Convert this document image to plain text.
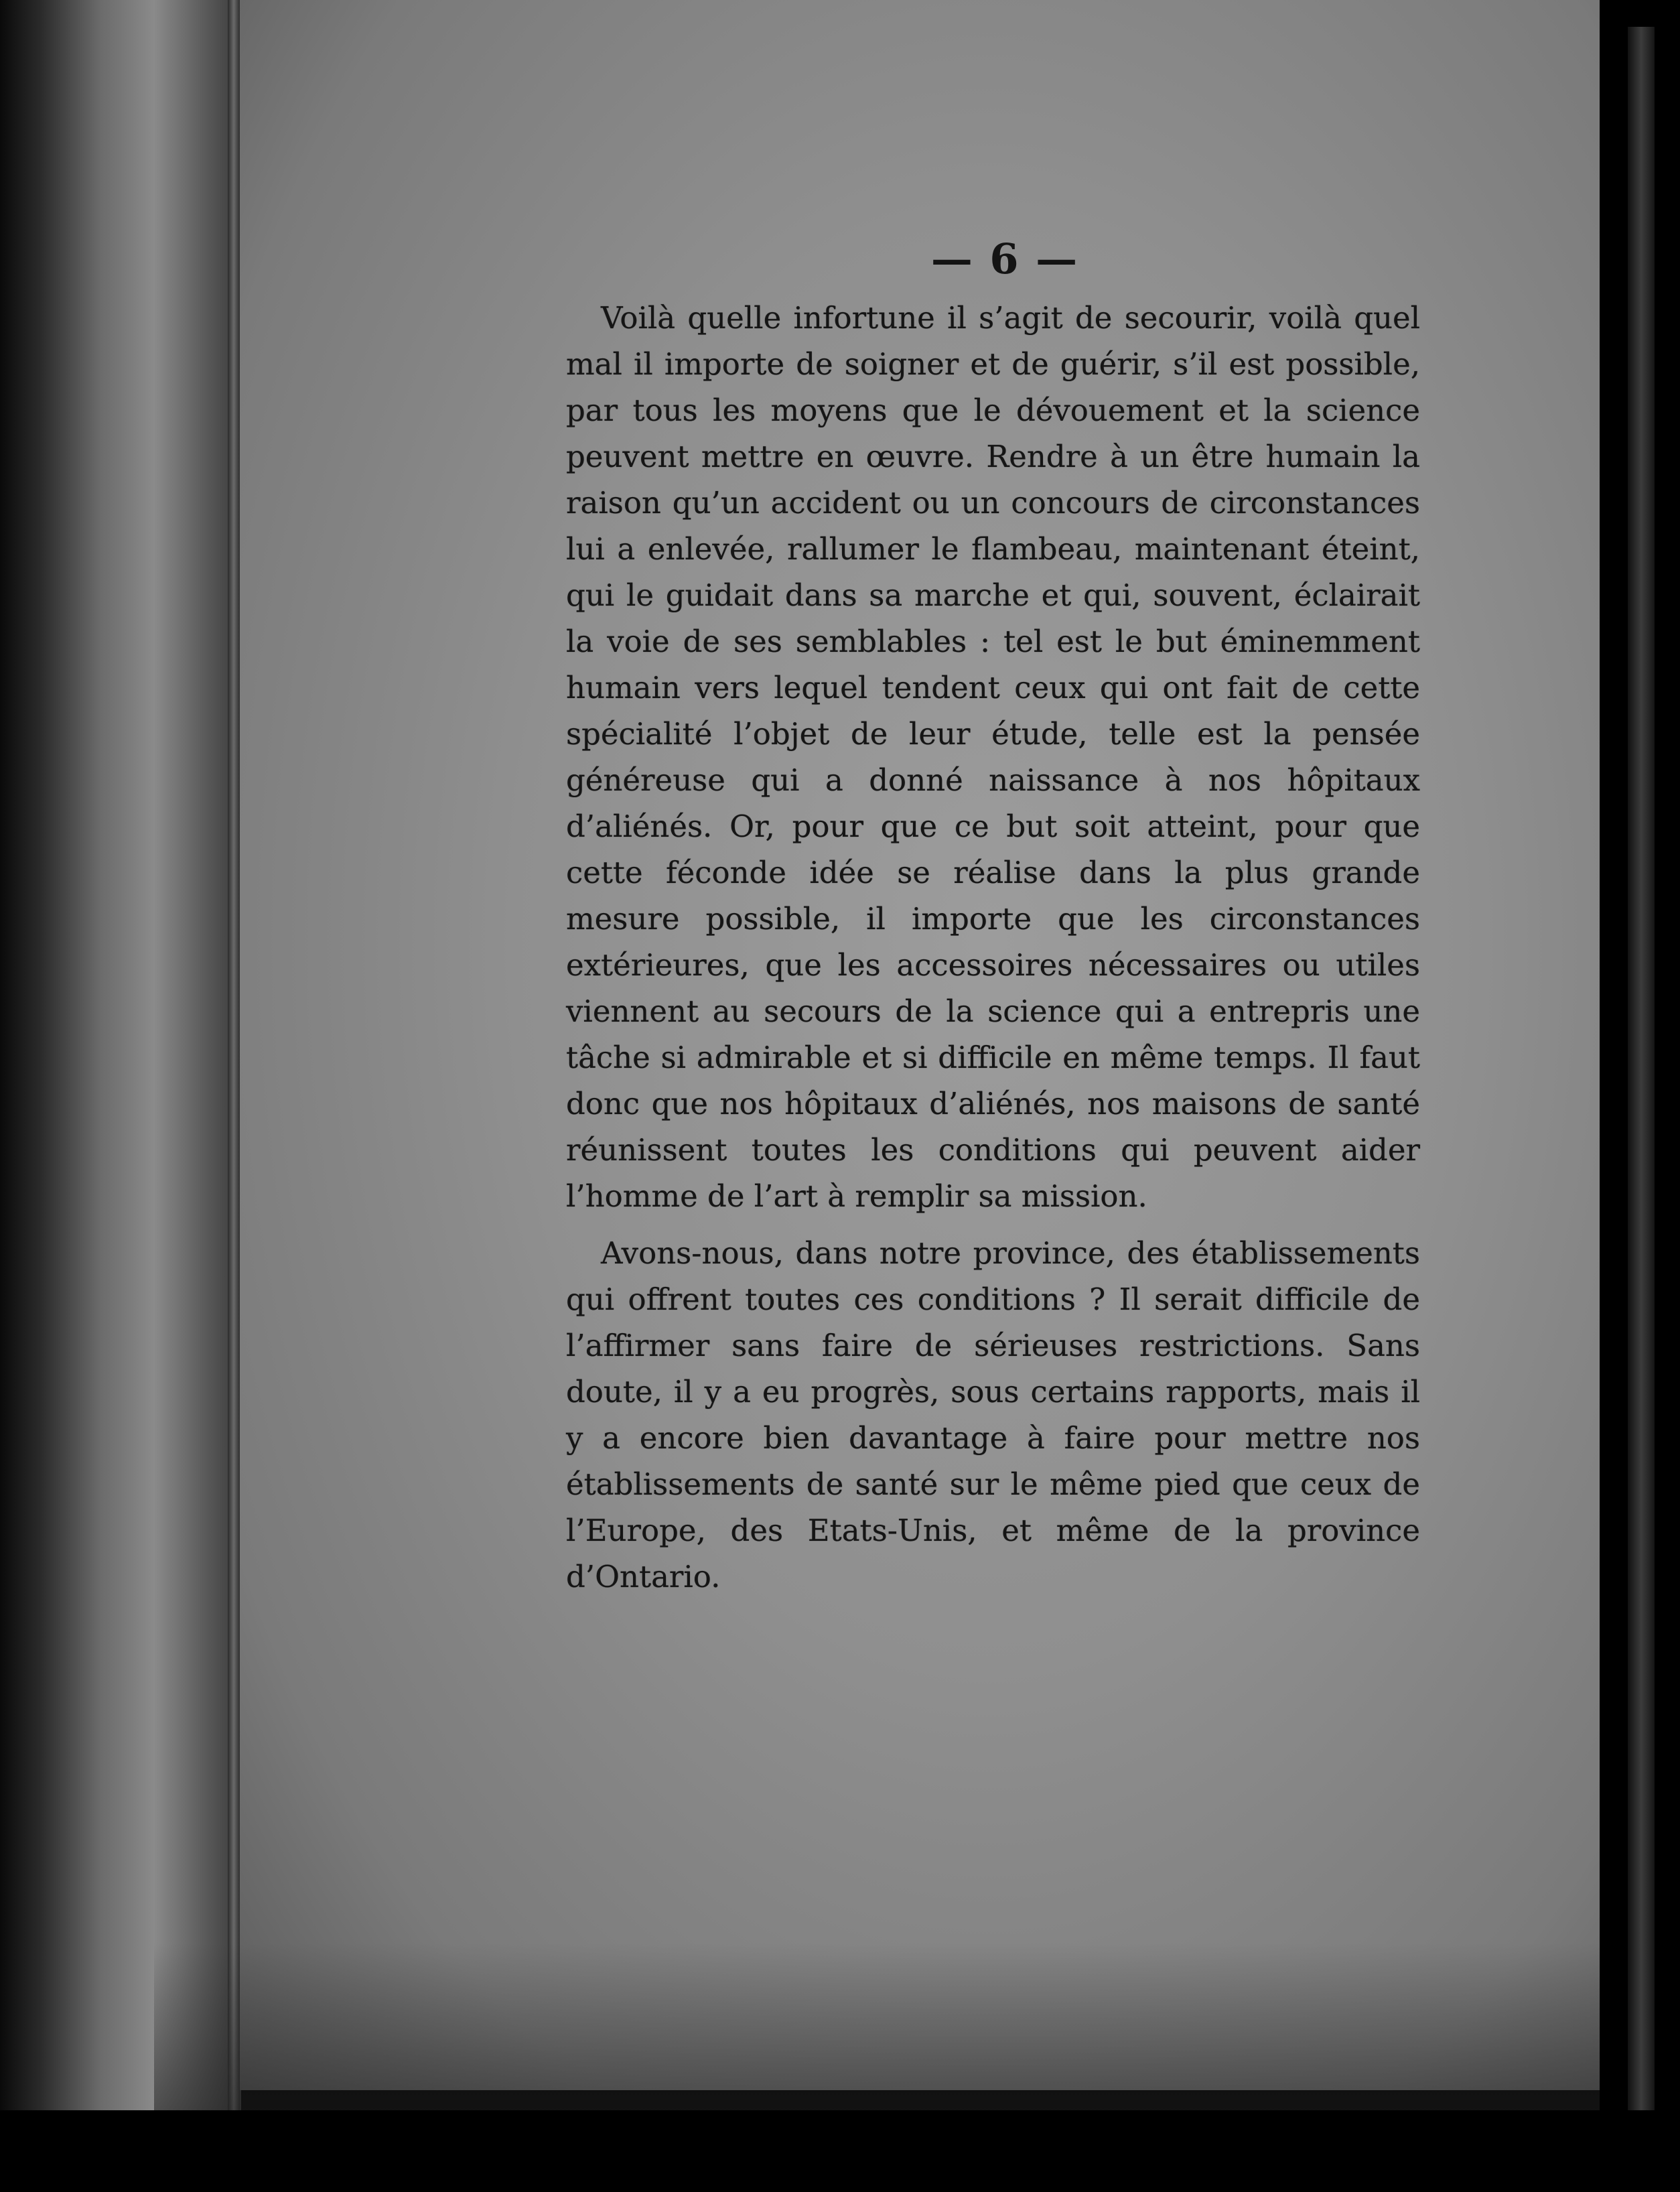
— 6 —

Voilà quelle infortune il s’agit de secourir, voilà quel mal il importe de soigner et de guérir, s’il est possible, par tous les moyens que le dévouement et la science peuvent mettre en œuvre. Rendre à un être humain la raison qu’un accident ou un concours de circonstances lui a enlevée, rallumer le flambeau, maintenant éteint, qui le guidait dans sa marche et qui, souvent, éclairait la voie de ses semblables : tel est le but éminemment humain vers lequel tendent ceux qui ont fait de cette spécialité l’objet de leur étude, telle est la pensée généreuse qui a donné naissance à nos hôpitaux d’aliénés. Or, pour que ce but soit atteint, pour que cette féconde idée se réalise dans la plus grande mesure possible, il importe que les circonstances extérieures, que les accessoires nécessaires ou utiles viennent au secours de la science qui a entrepris une tâche si admirable et si difficile en même temps. Il faut donc que nos hôpitaux d’aliénés, nos maisons de santé réunissent toutes les conditions qui peuvent aider l’homme de l’art à remplir sa mission.

Avons-nous, dans notre province, des établissements qui offrent toutes ces conditions ? Il serait difficile de l’affirmer sans faire de sérieuses restrictions. Sans doute, il y a eu progrès, sous certains rapports, mais il y a encore bien davantage à faire pour mettre nos établissements de santé sur le même pied que ceux de l’Europe, des Etats-Unis, et même de la province d’Ontario.
